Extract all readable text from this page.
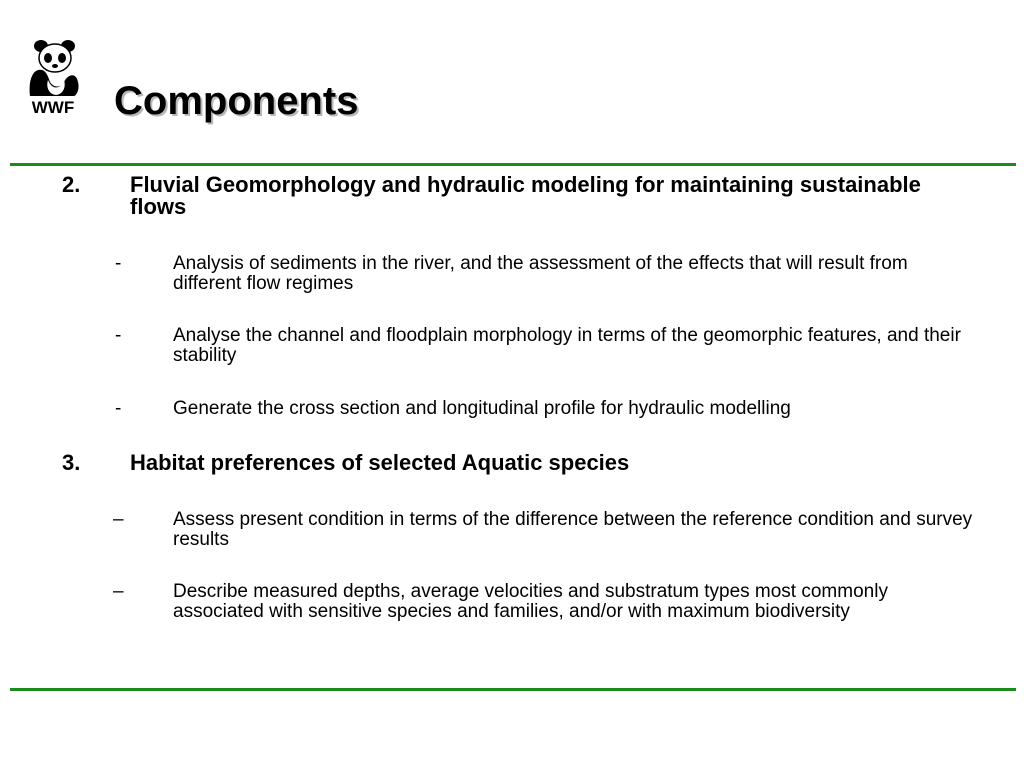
WWF Components
2. Fluvial Geomorphology and hydraulic modeling for maintaining sustainable flows
-	Analysis of sediments in the river, and the assessment of the effects that will result from different flow regimes
-	Analyse the channel and floodplain morphology in terms of the geomorphic features, and their stability
-	Generate the cross section and longitudinal profile for hydraulic modelling
3. Habitat preferences of selected Aquatic species
–	Assess present condition in terms of the difference between the reference condition and survey results
–	Describe measured depths, average velocities and substratum types most commonly associated with sensitive species and families, and/or with maximum biodiversity
